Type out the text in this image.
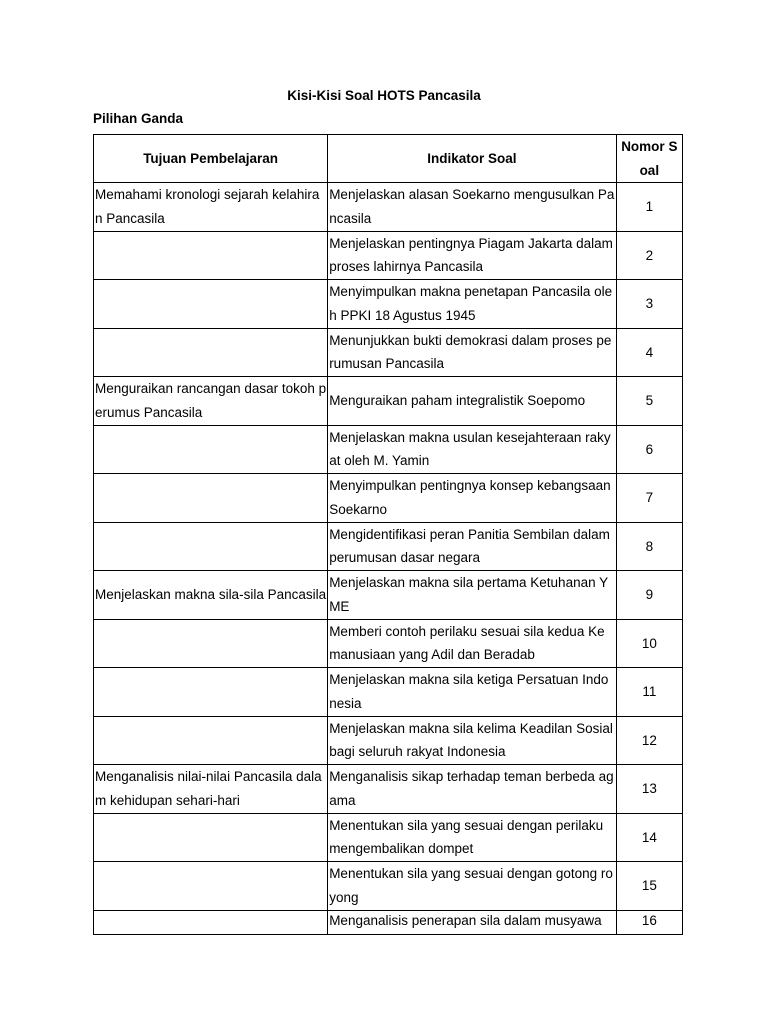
Kisi-Kisi Soal HOTS Pancasila
Pilihan Ganda
Tujuan Pembelajaran	Indikator Soal	Nomor S oal
Memahami kronologi sejarah kelahiran Pancasila	Menjelaskan alasan Soekarno mengusulkan Pancasila	1
	Menjelaskan pentingnya Piagam Jakarta dalam proses lahirnya Pancasila	2
	Menyimpulkan makna penetapan Pancasila oleh PPKI 18 Agustus 1945	3
	Menunjukkan bukti demokrasi dalam proses perumusan Pancasila	4
Menguraikan rancangan dasar tokoh perumus Pancasila	Menguraikan paham integralistik Soepomo	5
	Menjelaskan makna usulan kesejahteraan rakyat oleh M. Yamin	6
	Menyimpulkan pentingnya konsep kebangsaan Soekarno	7
	Mengidentifikasi peran Panitia Sembilan dalam perumusan dasar negara	8
Menjelaskan makna sila-sila Pancasila	Menjelaskan makna sila pertama Ketuhanan YME	9
	Memberi contoh perilaku sesuai sila kedua Kemanusiaan yang Adil dan Beradab	10
	Menjelaskan makna sila ketiga Persatuan Indonesia	11
	Menjelaskan makna sila kelima Keadilan Sosial bagi seluruh rakyat Indonesia	12
Menganalisis nilai-nilai Pancasila dalam kehidupan sehari-hari	Menganalisis sikap terhadap teman berbeda agama	13
	Menentukan sila yang sesuai dengan perilaku mengembalikan dompet	14
	Menentukan sila yang sesuai dengan gotong royong	15
	Menganalisis penerapan sila dalam musyawa	16
